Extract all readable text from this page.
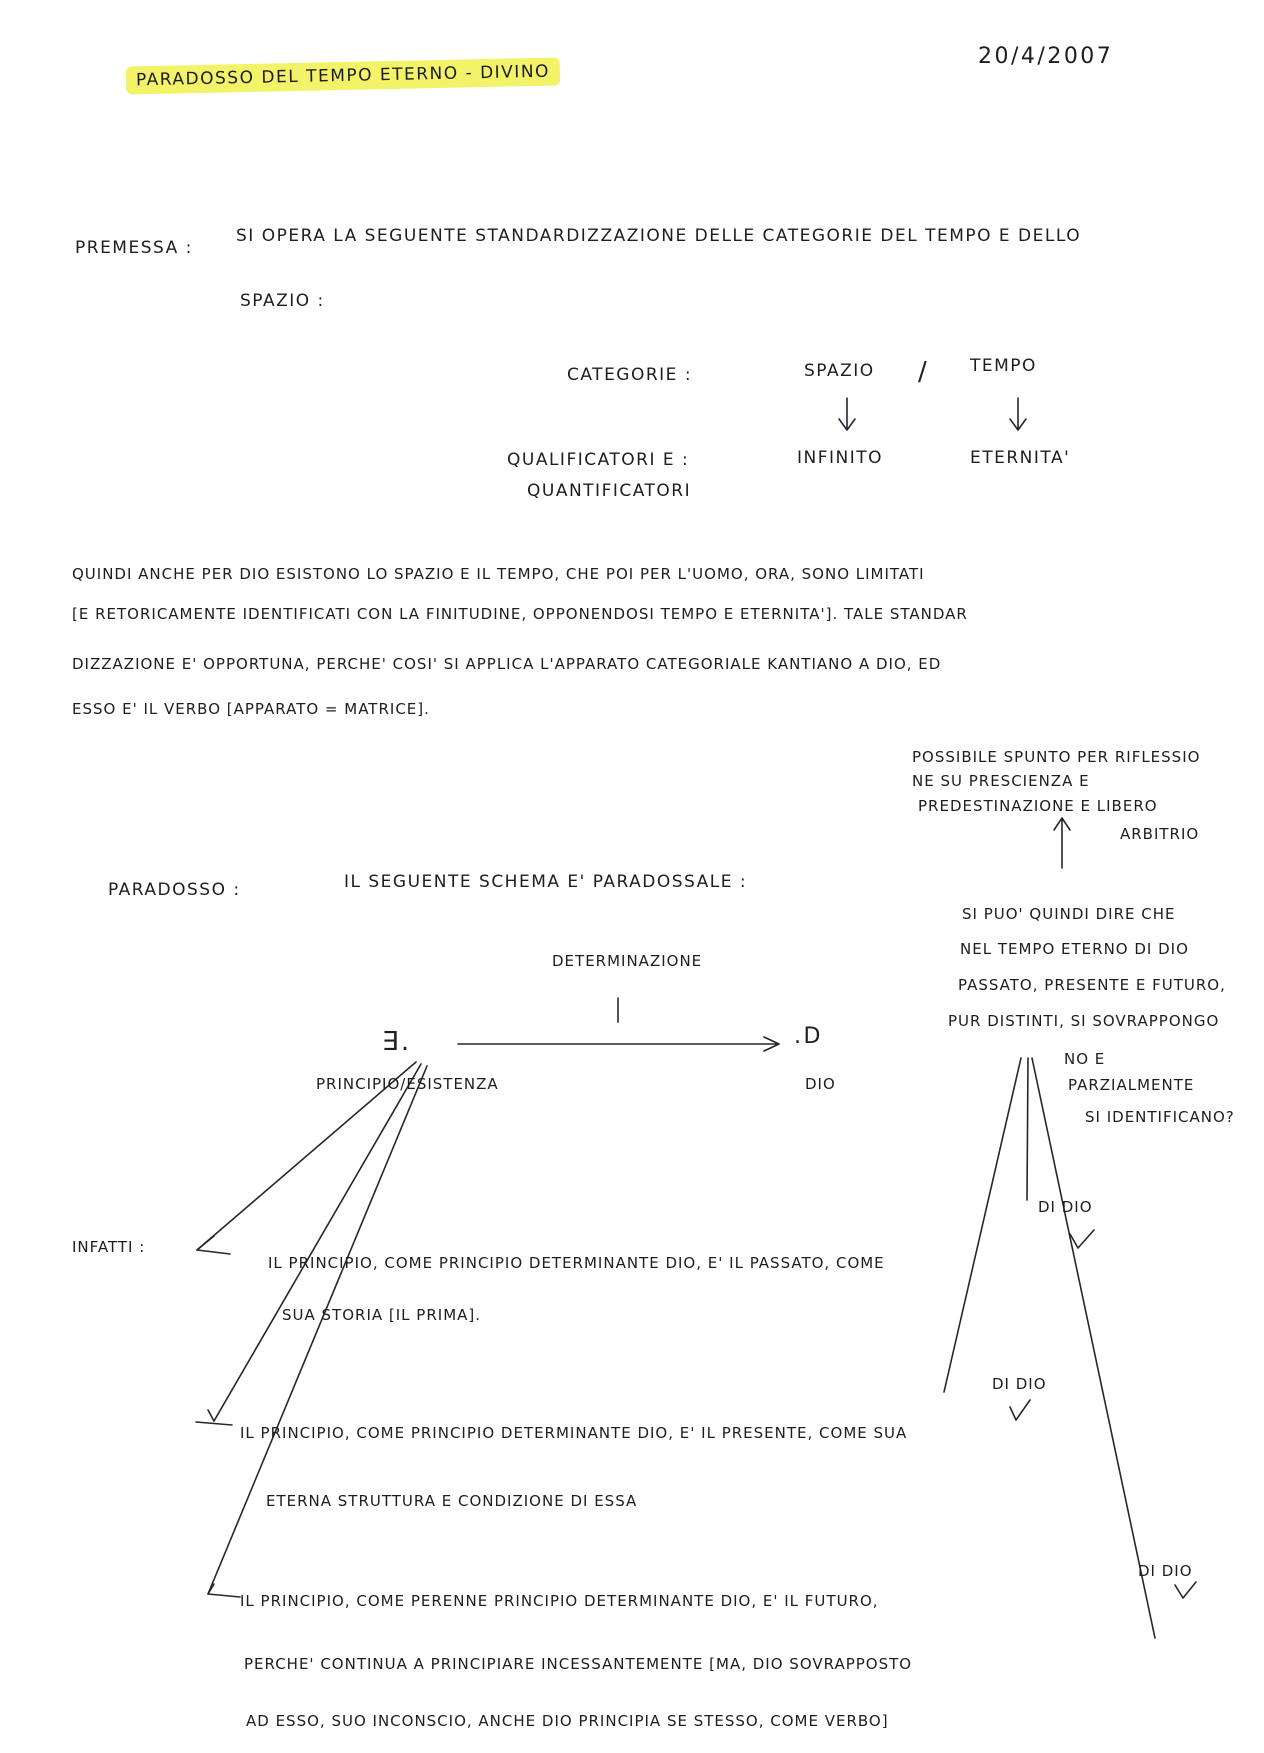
PARADOSSO DEL TEMPO ETERNO - DIVINO
20/4/2007
PREMESSA :
SI OPERA LA SEGUENTE STANDARDIZZAZIONE DELLE CATEGORIE DEL TEMPO E DELLO
SPAZIO :
CATEGORIE :	SPAZIO / TEMPO
QUALIFICATORI E :
QUANTIFICATORI
INFINITO	ETERNITA'
QUINDI ANCHE PER DIO ESISTONO LO SPAZIO E IL TEMPO, CHE POI PER L'UOMO, ORA, SONO LIMITATI
[E RETORICAMENTE IDENTIFICATI CON LA FINITUDINE, OPPONENDOSI TEMPO E ETERNITA']. TALE STANDAR
DIZZAZIONE E' OPPORTUNA, PERCHE' COSI' SI APPLICA L'APPARATO CATEGORIALE KANTIANO A DIO, ED
ESSO E' IL VERBO [APPARATO = MATRICE].
POSSIBILE SPUNTO PER RIFLESSIO
NE SU PRESCIENZA E
PREDESTINAZIONE E LIBERO
ARBITRIO
PARADOSSO :	IL SEGUENTE SCHEMA E' PARADOSSALE :
SI PUO' QUINDI DIRE CHE
NEL TEMPO ETERNO DI DIO
PASSATO, PRESENTE E FUTURO,
PUR DISTINTI, SI SOVRAPPONGO
NO E
PARZIALMENTE
SI IDENTIFICANO?
DETERMINAZIONE
∃.	.D
PRINCIPIO/ESISTENZA	DIO
DI DIO
DI DIO
DI DIO
INFATTI :
IL PRINCIPIO, COME PRINCIPIO DETERMINANTE DIO, E' IL PASSATO, COME
SUA STORIA [IL PRIMA].
IL PRINCIPIO, COME PRINCIPIO DETERMINANTE DIO, E' IL PRESENTE, COME SUA
ETERNA STRUTTURA E CONDIZIONE DI ESSA
IL PRINCIPIO, COME PERENNE PRINCIPIO DETERMINANTE DIO, E' IL FUTURO,
PERCHE' CONTINUA A PRINCIPIARE INCESSANTEMENTE [MA, DIO SOVRAPPOSTO
AD ESSO, SUO INCONSCIO, ANCHE DIO PRINCIPIA SE STESSO, COME VERBO]
